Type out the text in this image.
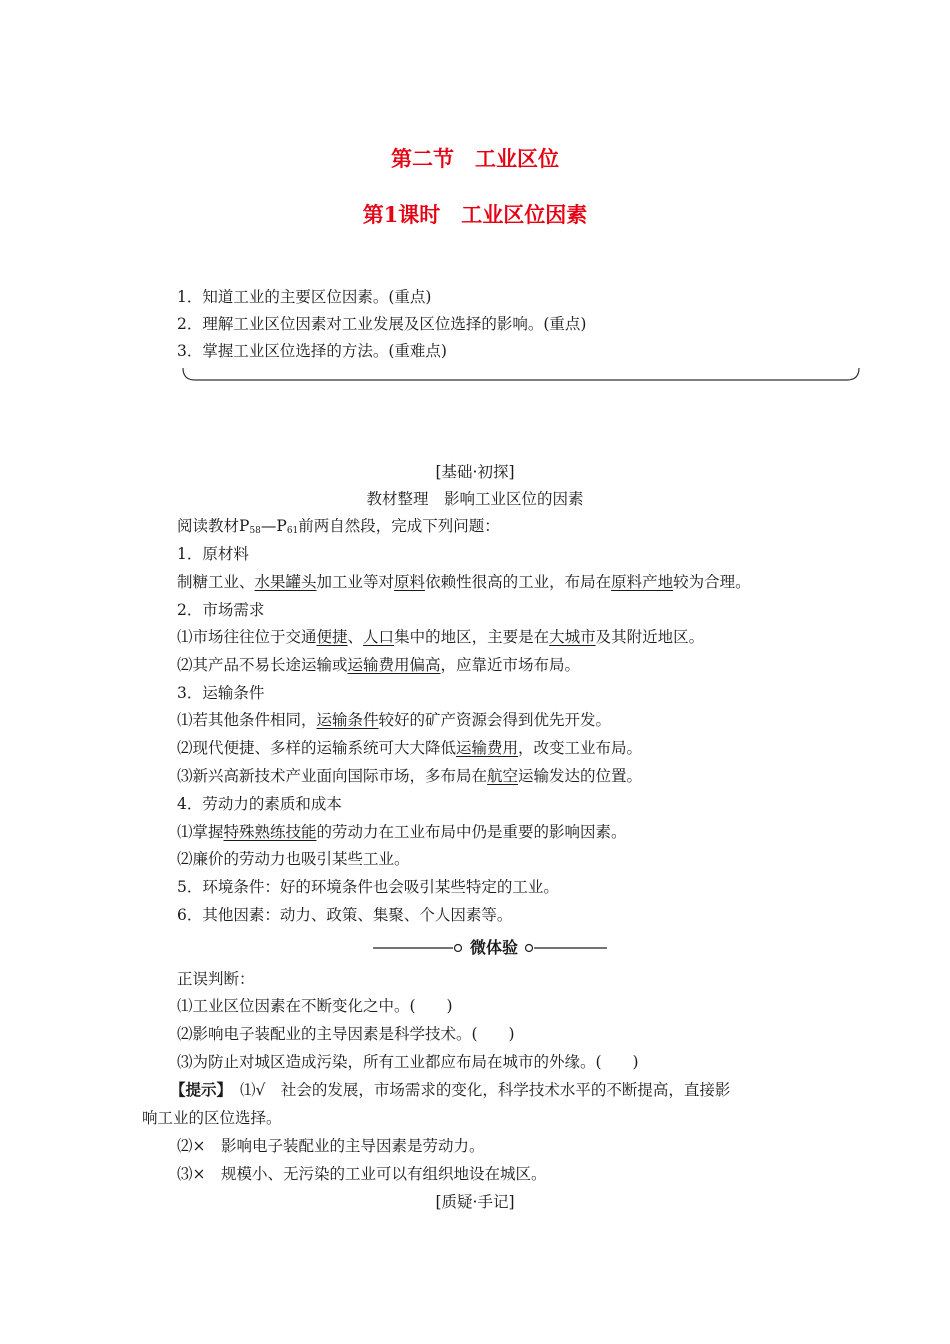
第二节　工业区位
第1课时　工业区位因素
1．知道工业的主要区位因素。(重点)
2．理解工业区位因素对工业发展及区位选择的影响。(重点)
3．掌握工业区位选择的方法。(重难点)
[基础·初探]
教材整理　影响工业区位的因素
阅读教材$P_{58}—P_{61}$前两自然段，完成下列问题：
1．原材料
制糖工业、水果罐头加工业等对原料依赖性很高的工业，布局在原料产地较为合理。
2．市场需求
⑴市场往往位于交通便捷、人口集中的地区，主要是在大城市及其附近地区。
⑵其产品不易长途运输或运输费用偏高，应靠近市场布局。
3．运输条件
⑴若其他条件相同，运输条件较好的矿产资源会得到优先开发。
⑵现代便捷、多样的运输系统可大大降低运输费用，改变工业布局。
⑶新兴高新技术产业面向国际市场，多布局在航空运输发达的位置。
4．劳动力的素质和成本
⑴掌握特殊熟练技能的劳动力在工业布局中仍是重要的影响因素。
⑵廉价的劳动力也吸引某些工业。
5．环境条件：好的环境条件也会吸引某些特定的工业。
6．其他因素：动力、政策、集聚、个人因素等。
微体验
正误判断：
⑴工业区位因素在不断变化之中。(　　)
⑵影响电子装配业的主导因素是科学技术。(　　)
⑶为防止对城区造成污染，所有工业都应布局在城市的外缘。(　　)
【提示】 ⑴√　社会的发展，市场需求的变化，科学技术水平的不断提高，直接影
响工业的区位选择。
⑵×　影响电子装配业的主导因素是劳动力。
⑶×　规模小、无污染的工业可以有组织地设在城区。
[质疑·手记]
